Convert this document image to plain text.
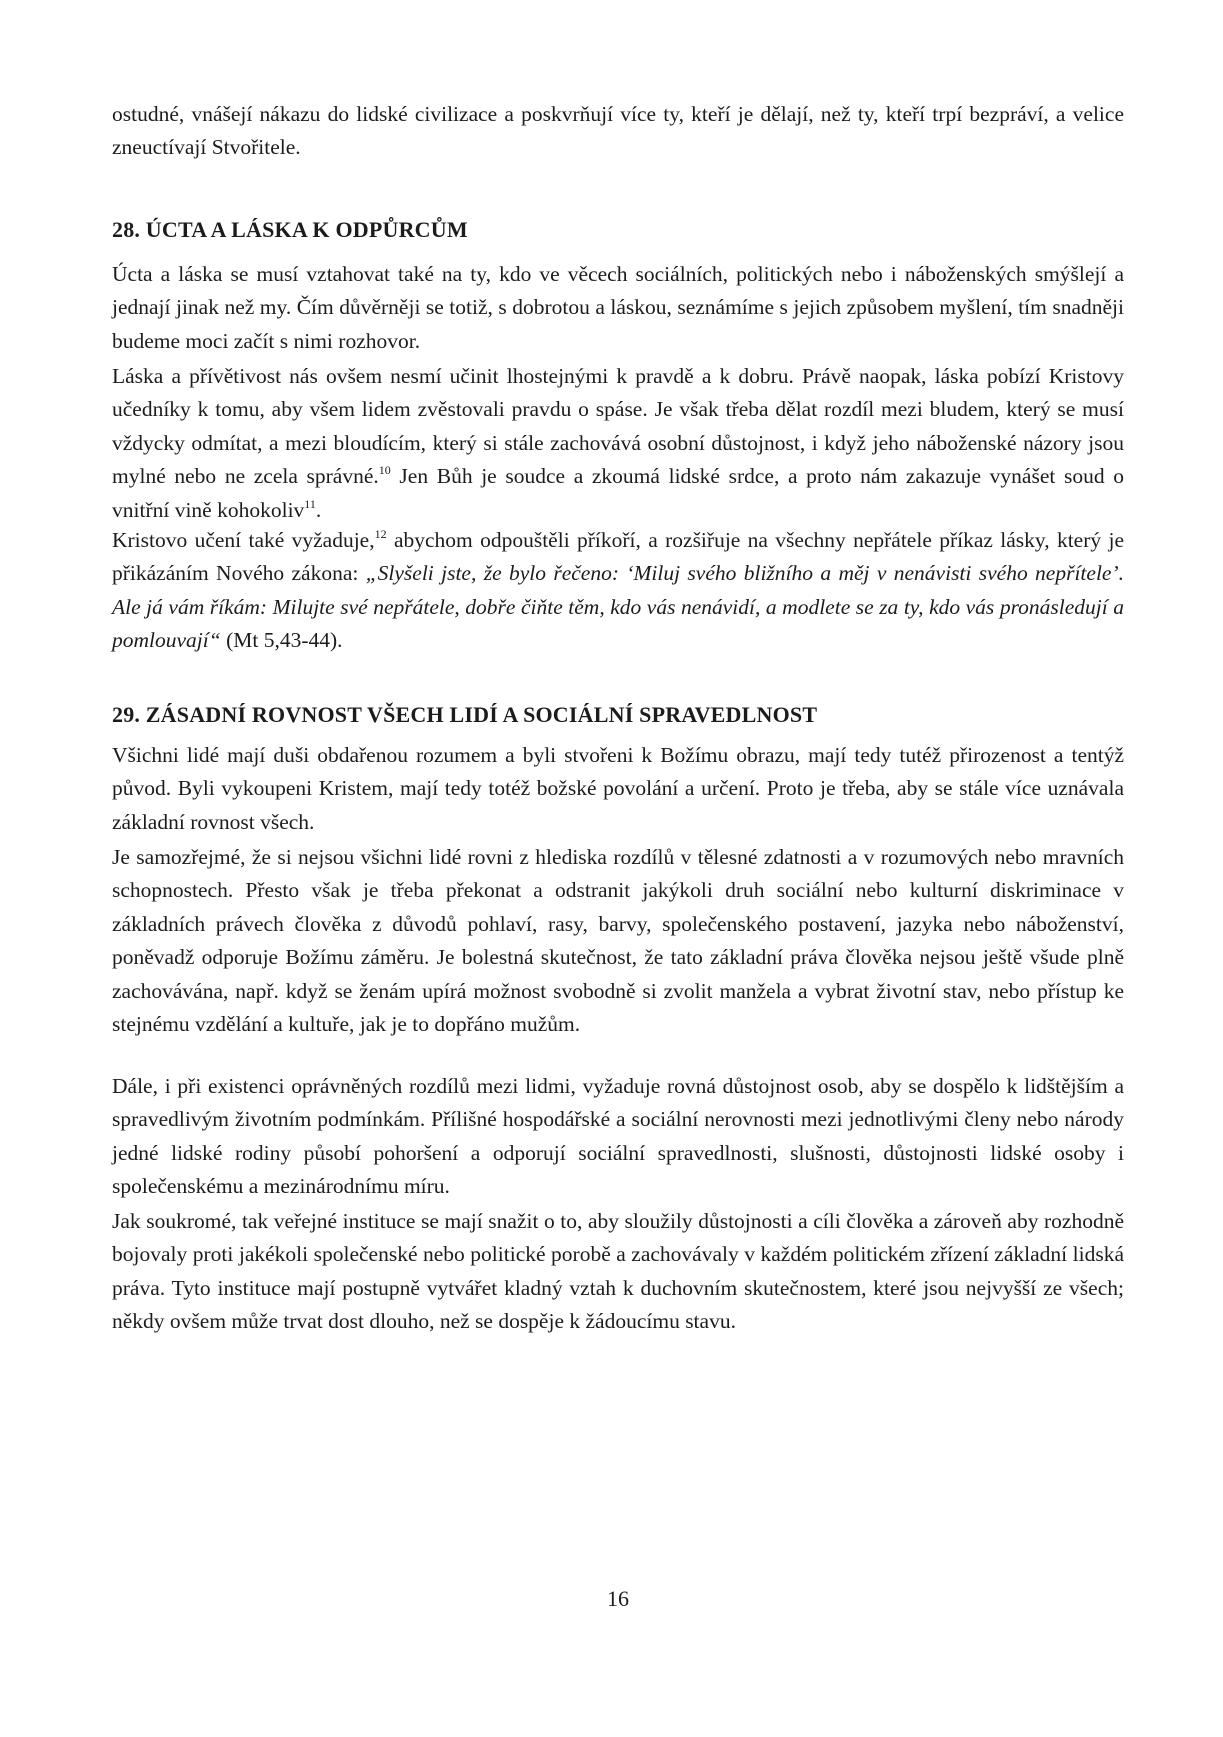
ostudné, vnášejí nákazu do lidské civilizace a poskvrňují více ty, kteří je dělají, než ty, kteří trpí bezpráví, a velice zneuctívají Stvořitele.

28. ÚCTA A LÁSKA K ODPŮRCŮM

Úcta a láska se musí vztahovat také na ty, kdo ve věcech sociálních, politických nebo i náboženských smýšlejí a jednají jinak než my. Čím důvěrněji se totiž, s dobrotou a láskou, seznámíme s jejich způsobem myšlení, tím snadněji budeme moci začít s nimi rozhovor.

Láska a přívětivost nás ovšem nesmí učinit lhostejnými k pravdě a k dobru. Právě naopak, láska pobízí Kristovy učedníky k tomu, aby všem lidem zvěstovali pravdu o spáse. Je však třeba dělat rozdíl mezi bludem, který se musí vždycky odmítat, a mezi bloudícím, který si stále zachovává osobní důstojnost, i když jeho náboženské názory jsou mylné nebo ne zcela správné.$^{10}$ Jen Bůh je soudce a zkoumá lidské srdce, a proto nám zakazuje vynášet soud o vnitřní vině kohokoliv$^{11}$.

Kristovo učení také vyžaduje,$^{12}$ abychom odpouštěli příkoří, a rozšiřuje na všechny nepřátele příkaz lásky, který je přikázáním Nového zákona: „Slyšeli jste, že bylo řečeno: ‘Miluj svého bližního a měj v nenávisti svého nepřítele’. Ale já vám říkám: Milujte své nepřátele, dobře čiňte těm, kdo vás nenávidí, a modlete se za ty, kdo vás pronásledují a pomlouvají“ (Mt 5,43-44).

29. ZÁSADNÍ ROVNOST VŠECH LIDÍ A SOCIÁLNÍ SPRAVEDLNOST

Všichni lidé mají duši obdařenou rozumem a byli stvořeni k Božímu obrazu, mají tedy tutéž přirozenost a tentýž původ. Byli vykoupeni Kristem, mají tedy totéž božské povolání a určení. Proto je třeba, aby se stále více uznávala základní rovnost všech.

Je samozřejmé, že si nejsou všichni lidé rovni z hlediska rozdílů v tělesné zdatnosti a v rozumových nebo mravních schopnostech. Přesto však je třeba překonat a odstranit jakýkoli druh sociální nebo kulturní diskriminace v základních právech člověka z důvodů pohlaví, rasy, barvy, společenského postavení, jazyka nebo náboženství, poněvadž odporuje Božímu záměru. Je bolestná skutečnost, že tato základní práva člověka nejsou ještě všude plně zachovávána, např. když se ženám upírá možnost svobodně si zvolit manžela a vybrat životní stav, nebo přístup ke stejnému vzdělání a kultuře, jak je to dopřáno mužům.

Dále, i při existenci oprávněných rozdílů mezi lidmi, vyžaduje rovná důstojnost osob, aby se dospělo k lidštějším a spravedlivým životním podmínkám. Přílišné hospodářské a sociální nerovnosti mezi jednotlivými členy nebo národy jedné lidské rodiny působí pohoršení a odporují sociální spravedlnosti, slušnosti, důstojnosti lidské osoby i společenskému a mezinárodnímu míru.

Jak soukromé, tak veřejné instituce se mají snažit o to, aby sloužily důstojnosti a cíli člověka a zároveň aby rozhodně bojovaly proti jakékoli společenské nebo politické porobě a zachovávaly v každém politickém zřízení základní lidská práva. Tyto instituce mají postupně vytvářet kladný vztah k duchovním skutečnostem, které jsou nejvyšší ze všech; někdy ovšem může trvat dost dlouho, než se dospěje k žádoucímu stavu.

16
